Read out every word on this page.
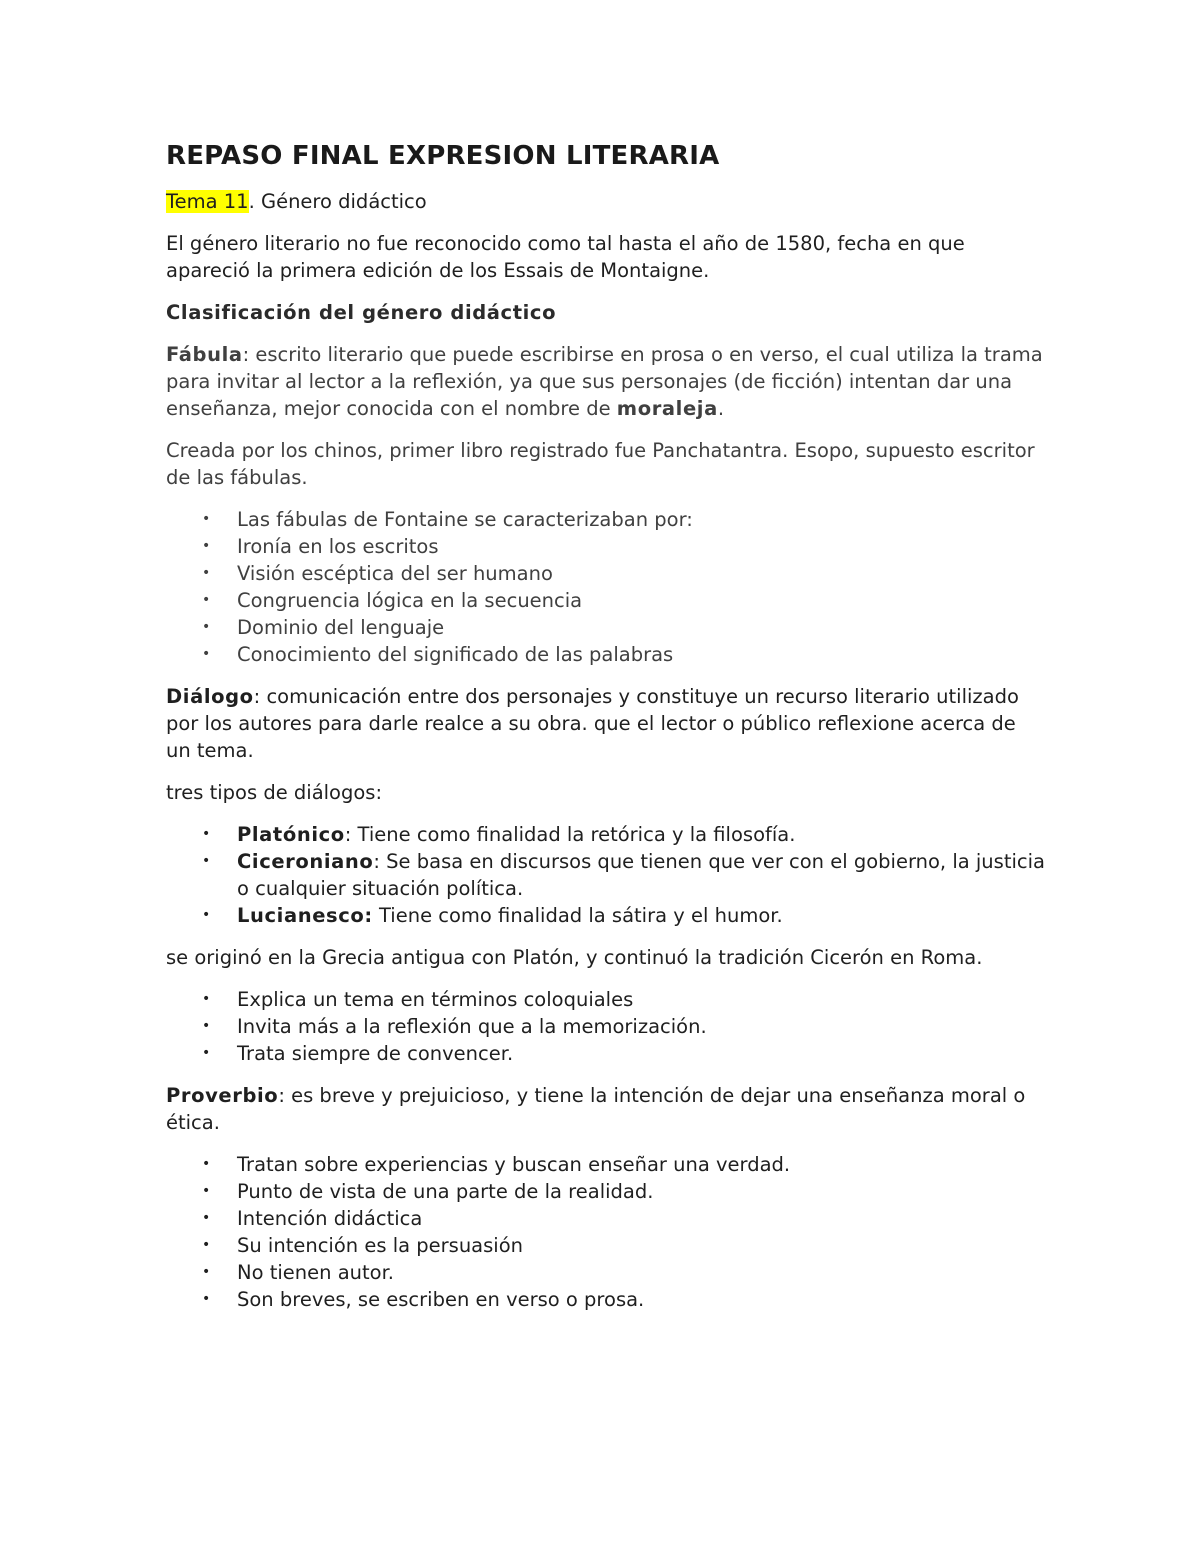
REPASO FINAL EXPRESION LITERARIA

Tema 11. Género didáctico

El género literario no fue reconocido como tal hasta el año de 1580, fecha en que apareció la primera edición de los Essais de Montaigne.

Clasificación del género didáctico

Fábula: escrito literario que puede escribirse en prosa o en verso, el cual utiliza la trama para invitar al lector a la reflexión, ya que sus personajes (de ficción) intentan dar una enseñanza, mejor conocida con el nombre de moraleja.

Creada por los chinos, primer libro registrado fue Panchatantra. Esopo, supuesto escritor de las fábulas.

• Las fábulas de Fontaine se caracterizaban por:
• Ironía en los escritos
• Visión escéptica del ser humano
• Congruencia lógica en la secuencia
• Dominio del lenguaje
• Conocimiento del significado de las palabras

Diálogo: comunicación entre dos personajes y constituye un recurso literario utilizado por los autores para darle realce a su obra. que el lector o público reflexione acerca de un tema.

tres tipos de diálogos:

• Platónico: Tiene como finalidad la retórica y la filosofía.
• Ciceroniano: Se basa en discursos que tienen que ver con el gobierno, la justicia o cualquier situación política.
• Lucianesco: Tiene como finalidad la sátira y el humor.

se originó en la Grecia antigua con Platón, y continuó la tradición Cicerón en Roma.

• Explica un tema en términos coloquiales
• Invita más a la reflexión que a la memorización.
• Trata siempre de convencer.

Proverbio: es breve y prejuicioso, y tiene la intención de dejar una enseñanza moral o ética.

• Tratan sobre experiencias y buscan enseñar una verdad.
• Punto de vista de una parte de la realidad.
• Intención didáctica
• Su intención es la persuasión
• No tienen autor.
• Son breves, se escriben en verso o prosa.
